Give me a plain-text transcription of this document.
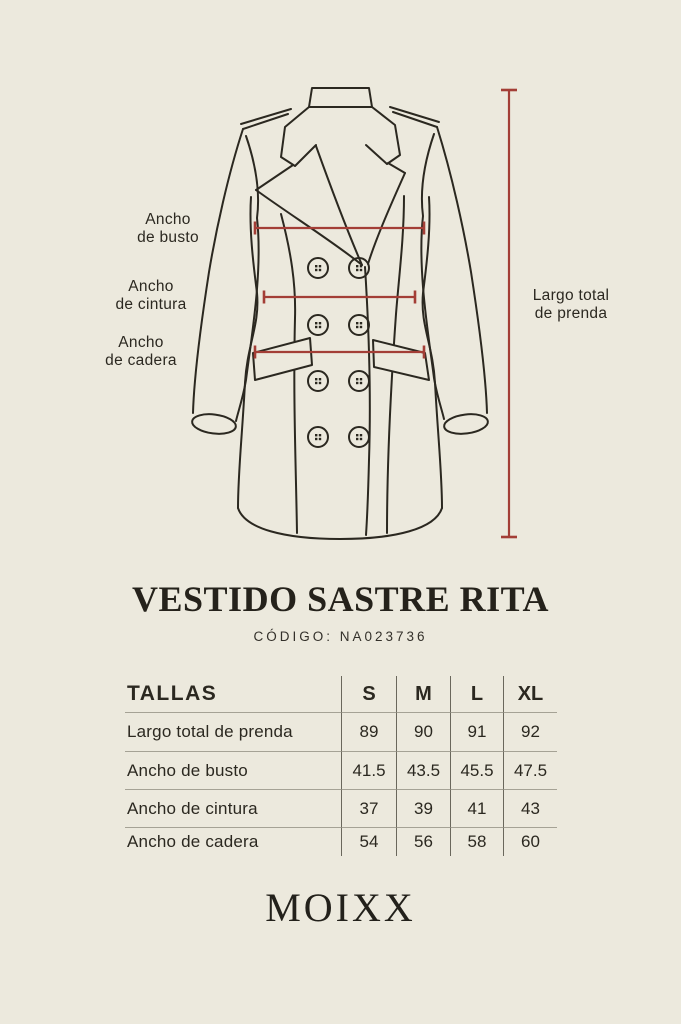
Ancho
de busto
Ancho
de cintura
Ancho
de cadera
Largo total
de prenda
VESTIDO SASTRE RITA
CÓDIGO: NA023736
TALLAS	S	M	L	XL
Largo total de prenda	89	90	91	92
Ancho de busto	41.5	43.5	45.5	47.5
Ancho de cintura	37	39	41	43
Ancho de cadera	54	56	58	60
MOIXX
